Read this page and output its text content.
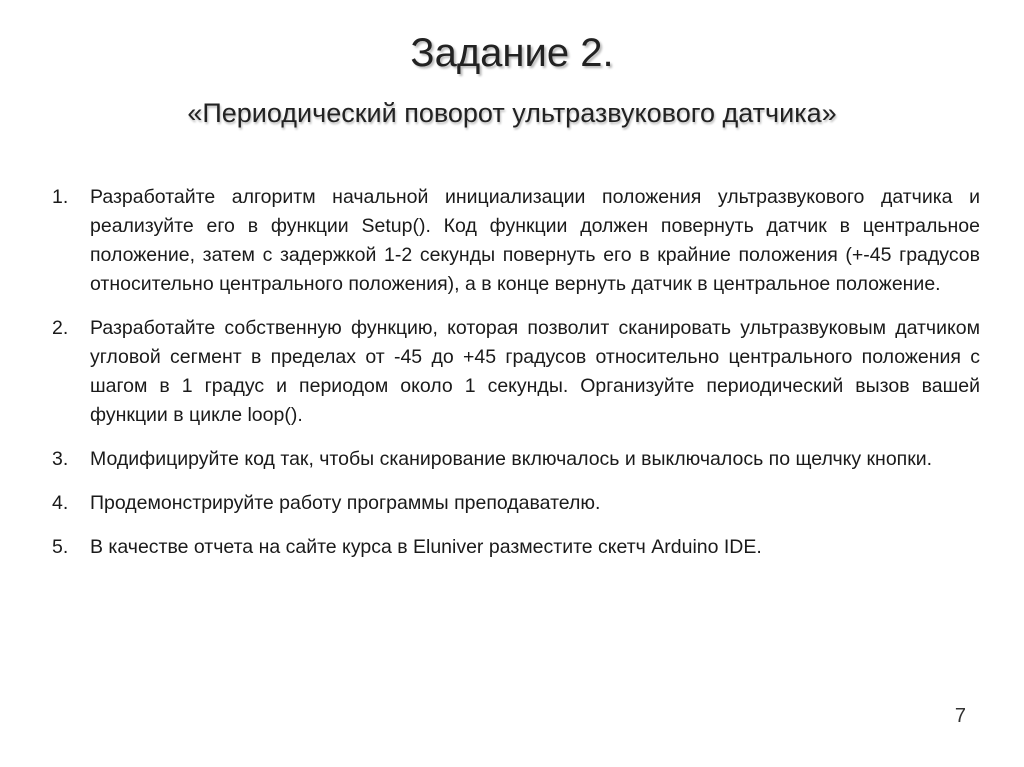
Задание 2.
«Периодический поворот ультразвукового датчика»
1.	Разработайте алгоритм начальной инициализации положения ультразвукового датчика и реализуйте его в функции Setup(). Код функции должен повернуть датчик в центральное положение, затем с задержкой 1-2 секунды повернуть его в крайние положения (+-45 градусов относительно центрального положения), а в конце вернуть датчик в центральное положение.
2.	Разработайте собственную функцию, которая позволит сканировать ультразвуковым датчиком угловой сегмент в пределах от -45 до +45 градусов относительно центрального положения с шагом в 1 градус и периодом около 1 секунды. Организуйте периодический вызов вашей функции в цикле loop().
3.	Модифицируйте код так, чтобы сканирование включалось и выключалось по щелчку кнопки.
4.	Продемонстрируйте работу программы преподавателю.
5.	В качестве отчета на сайте курса в Eluniver разместите скетч Arduino IDE.
7
